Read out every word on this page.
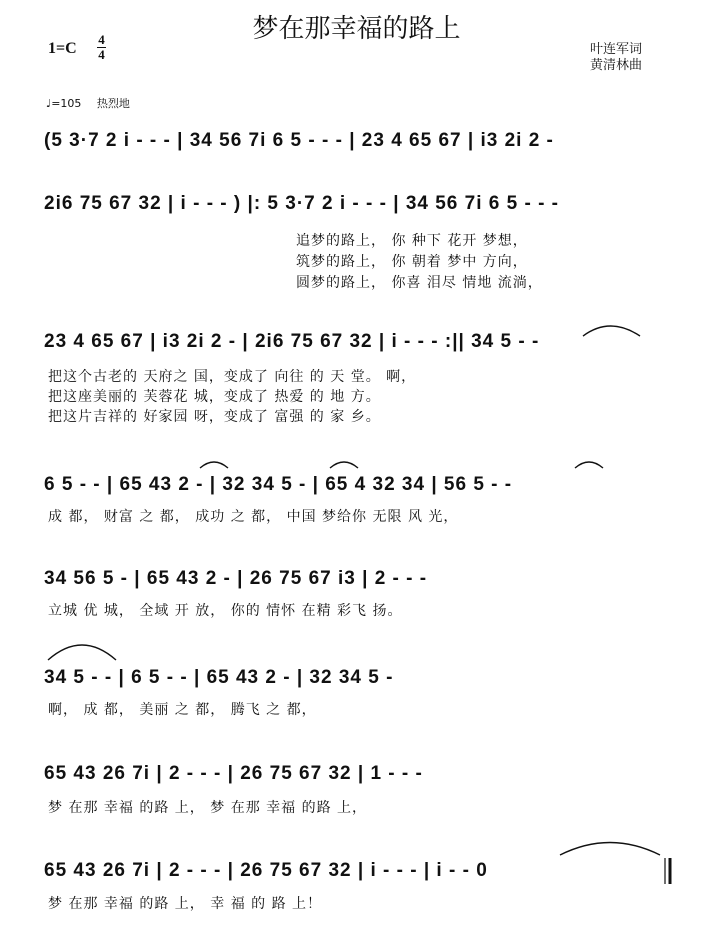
梦在那幸福的路上
1=C
4
4	叶连军词
黄清林曲
♩=105 热烈地
(5 3·7 2 i - - - | 34 56 7i 6 5 - - - | 23 4 65 67 | i3 2i 2 -
2i6 75 67 32 | i - - - ) |: 5 3·7 2 i - - - | 34 56 7i 6 5 - - -
追梦的路上， 你 种下 花开 梦想，
筑梦的路上， 你 朝着 梦中 方向，
圆梦的路上， 你喜 泪尽 情地 流淌，
23 4 65 67 | i3 2i 2 - | 2i6 75 67 32 | i - - - :|| 34 5 - -
把这个古老的 天府之 国，变成了 向往 的 天 堂。 啊，
把这座美丽的 芙蓉花 城，变成了 热爱 的 地 方。
把这片吉祥的 好家园 呀，变成了 富强 的 家 乡。
6 5 - - | 65 43 2 - | 32 34 5 - | 65 4 32 34 | 56 5 - -
成 都， 财富 之 都， 成功 之 都， 中国 梦给你 无限 风 光，
34 56 5 - | 65 43 2 - | 26 75 67 i3 | 2 - - -
立城 优 城， 全域 开 放， 你的 情怀 在精 彩飞 扬。
34 5 - - | 6 5 - - | 65 43 2 - | 32 34 5 -
啊， 成 都， 美丽 之 都， 腾飞 之 都，
65 43 26 7i | 2 - - - | 26 75 67 32 | 1 - - -
梦 在那 幸福 的路 上， 梦 在那 幸福 的路 上，
65 43 26 7i | 2 - - - | 26 75 67 32 | i - - - | i - - 0
梦 在那 幸福 的路 上， 幸 福 的 路 上！
